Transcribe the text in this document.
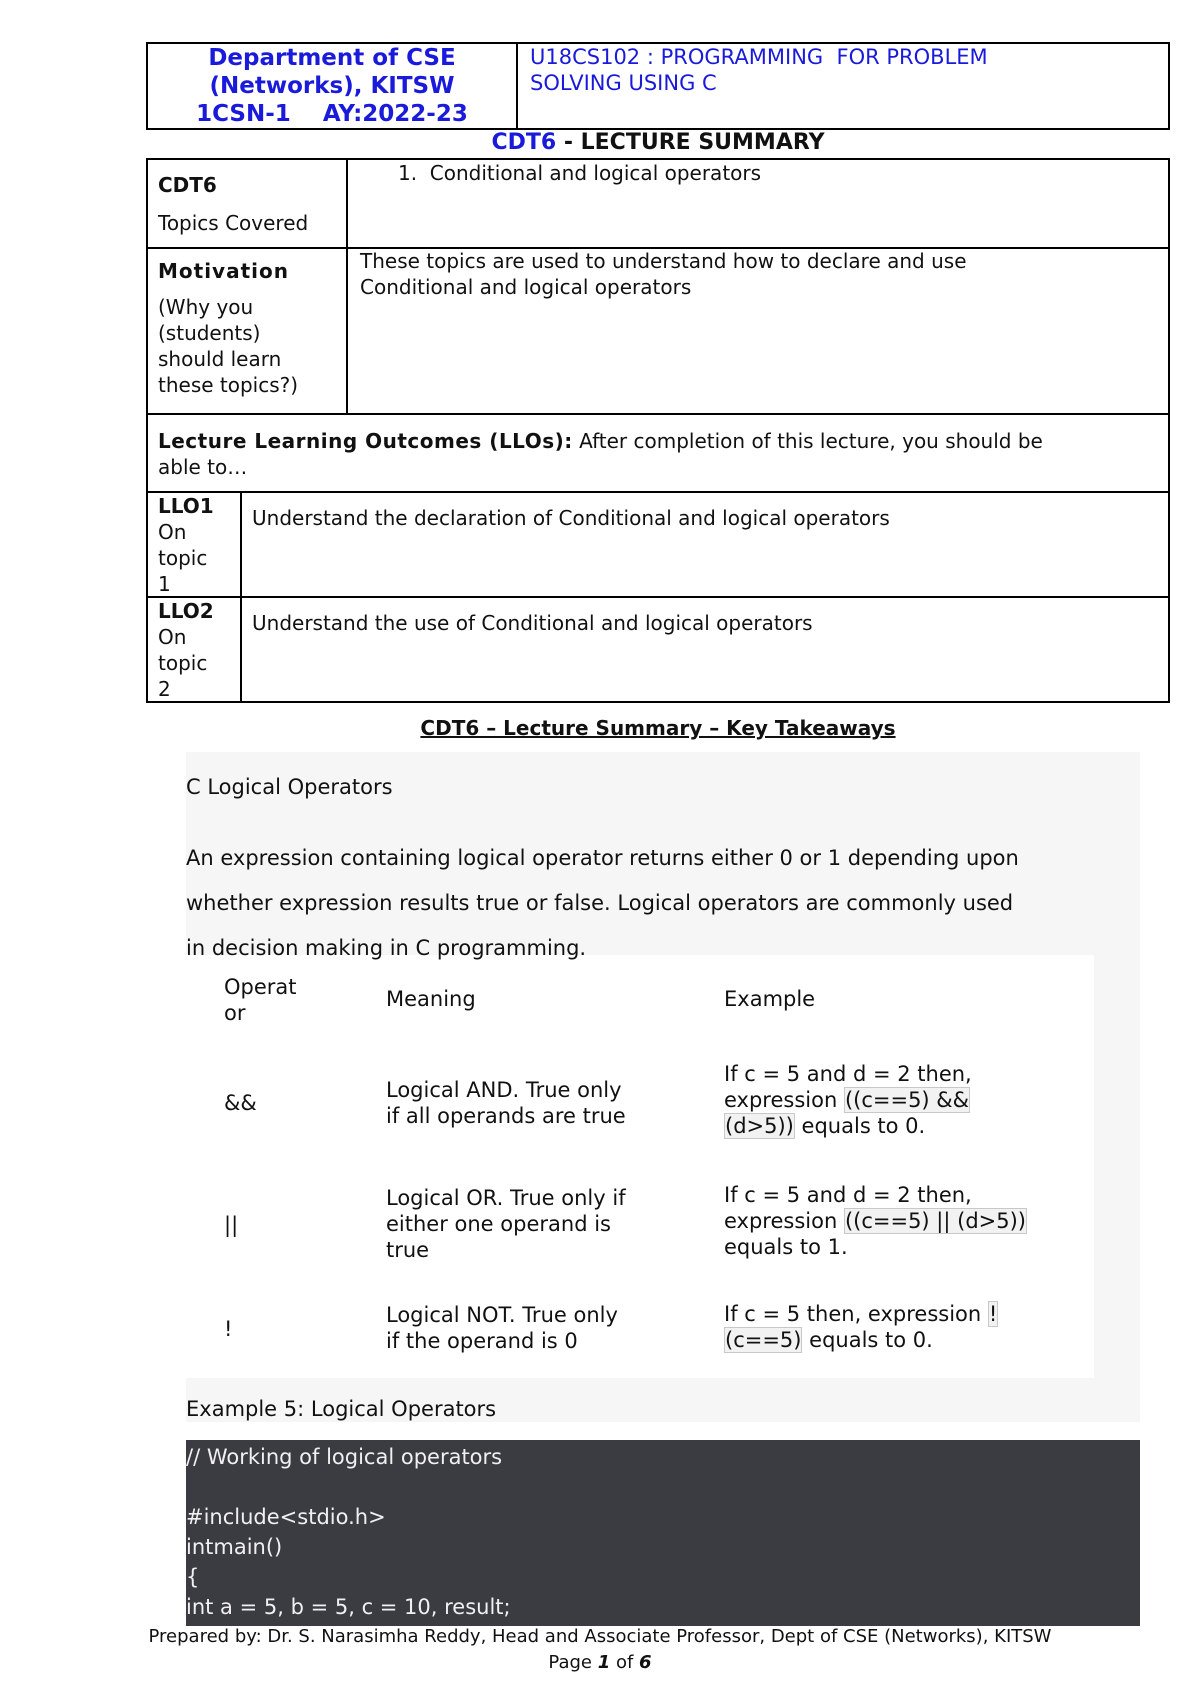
Department of CSE
(Networks), KITSW
1CSN-1    AY:2022-23
U18CS102 : PROGRAMMING  FOR PROBLEM
SOLVING USING C
CDT6 - LECTURE SUMMARY
CDT6
Topics Covered
1.  Conditional and logical operators
Motivation
(Why you
(students)
should learn
these topics?)
These topics are used to understand how to declare and use
Conditional and logical operators
Lecture Learning Outcomes (LLOs): After completion of this lecture, you should be
able to…
LLO1
On
topic
1
Understand the declaration of Conditional and logical operators
LLO2
On
topic
2
Understand the use of Conditional and logical operators
CDT6 – Lecture Summary – Key Takeaways
C Logical Operators
An expression containing logical operator returns either 0 or 1 depending upon
whether expression results true or false. Logical operators are commonly used
in decision making in C programming.
Operat
or
Meaning	Example
&&
Logical AND. True only
if all operands are true
If c = 5 and d = 2 then,
expression ((c==5) &&
(d>5)) equals to 0.
||
Logical OR. True only if
either one operand is
true
If c = 5 and d = 2 then,
expression ((c==5) || (d>5))
equals to 1.
!
Logical NOT. True only
if the operand is 0
If c = 5 then, expression !
(c==5) equals to 0.
Example 5: Logical Operators
// Working of logical operators
#include<stdio.h>
intmain()
{
int a = 5, b = 5, c = 10, result;
Prepared by: Dr. S. Narasimha Reddy, Head and Associate Professor, Dept of CSE (Networks), KITSW
Page 1 of 6
